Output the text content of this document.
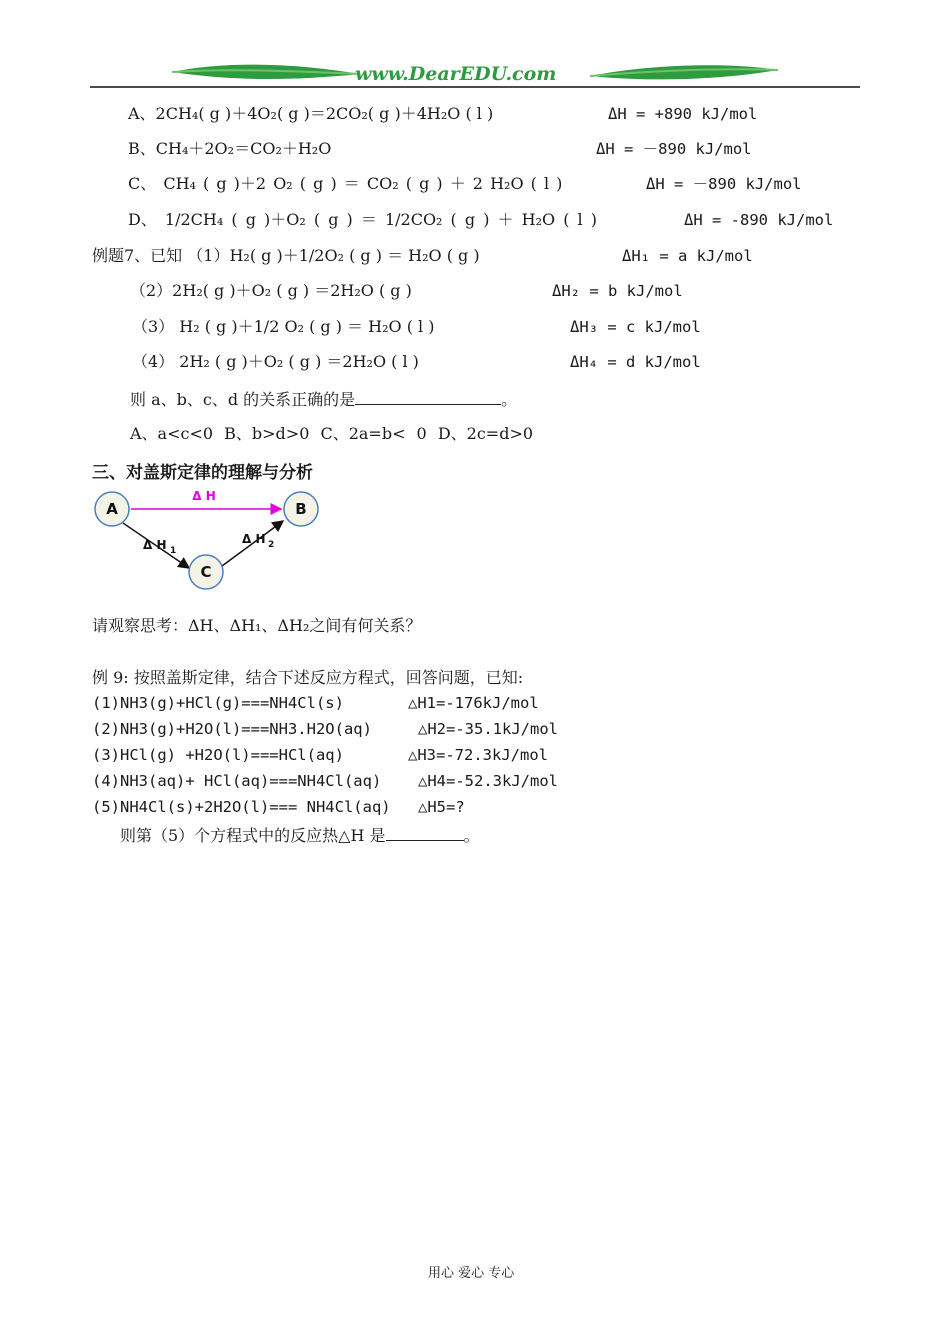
www.DearEDU.com
A、2CH₄( g )＋4O₂( g )＝2CO₂( g )＋4H₂O ( l )	ΔH = +890 kJ/mol
B、CH₄＋2O₂＝CO₂＋H₂O	ΔH = －890 kJ/mol
C、 CH₄ ( g )＋2 O₂ ( g ) ＝ CO₂ ( g ) ＋ 2 H₂O ( l )	ΔH = －890 kJ/mol
D、 1/2CH₄ ( g )＋O₂ ( g ) ＝ 1/2CO₂ ( g ) ＋ H₂O ( l )	ΔH = -890 kJ/mol
例题7、已知 （1）H₂( g )＋1/2O₂ ( g ) ＝ H₂O ( g )	ΔH₁ = a kJ/mol
（2）2H₂( g )＋O₂ ( g ) ＝2H₂O ( g )	ΔH₂ = b kJ/mol
（3） H₂ ( g )＋1/2 O₂ ( g ) ＝ H₂O ( l )	ΔH₃ = c kJ/mol
（4） 2H₂ ( g )＋O₂ ( g ) ＝2H₂O ( l )	ΔH₄ = d kJ/mol
则 a、b、c、d 的关系正确的是	。
A、a<c<0 B、b>d>0 C、2a=b< 0 D、2c=d>0
三、对盖斯定律的理解与分析
A	B
C
Δ H
Δ H 1
Δ H 2
请观察思考：ΔH、ΔH₁、ΔH₂之间有何关系？
例 9: 按照盖斯定律，结合下述反应方程式，回答问题，已知:
(1)NH3(g)+HCl(g)===NH4Cl(s)	△H1=-176kJ/mol
(2)NH3(g)+H2O(l)===NH3.H2O(aq)	△H2=-35.1kJ/mol
(3)HCl(g) +H2O(l)===HCl(aq)	△H3=-72.3kJ/mol
(4)NH3(aq)+ HCl(aq)===NH4Cl(aq) △H4=-52.3kJ/mol
(5)NH4Cl(s)+2H2O(l)=== NH4Cl(aq) △H5=?
则第（5）个方程式中的反应热△H 是	。
用心 爱心 专心
